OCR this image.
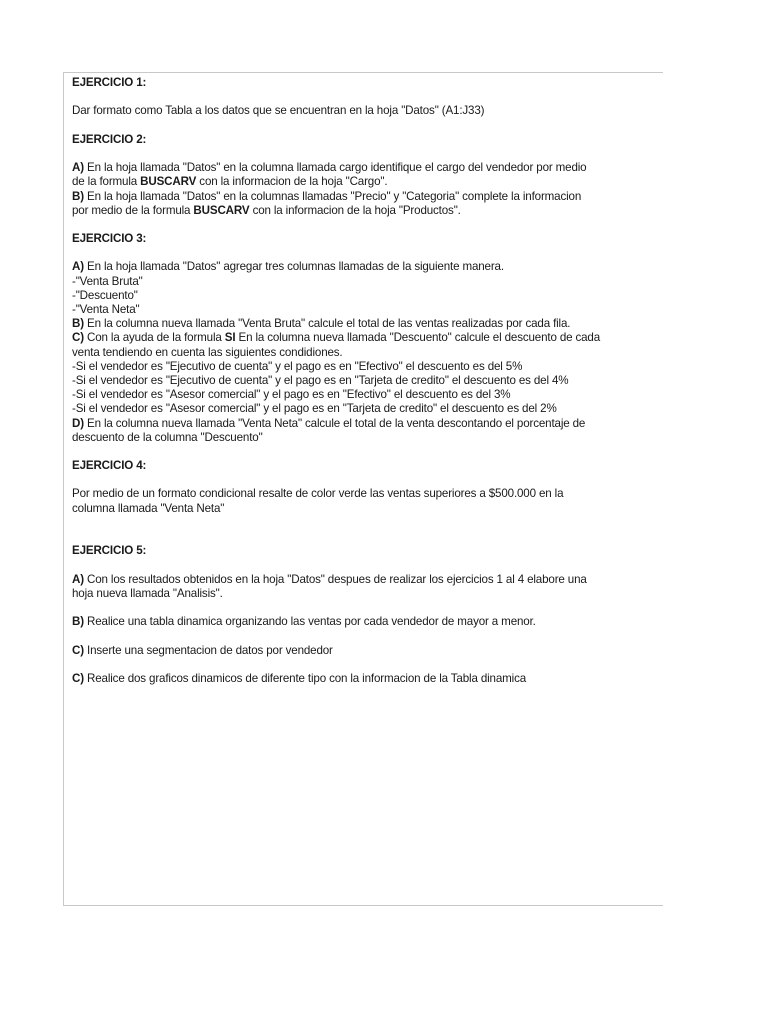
EJERCICIO 1:
Dar formato como Tabla a los datos que se encuentran en la hoja "Datos" (A1:J33)
EJERCICIO 2:
A) En la hoja llamada "Datos" en la columna llamada cargo identifique el cargo del vendedor por medio
de la formula BUSCARV con la informacion de la hoja "Cargo".
B) En la hoja llamada "Datos" en la columnas llamadas "Precio" y "Categoria" complete la informacion
por medio de la formula BUSCARV con la informacion de la hoja "Productos".
EJERCICIO 3:
A) En la hoja llamada "Datos" agregar tres columnas llamadas de la siguiente manera.
-"Venta Bruta"
-"Descuento"
-"Venta Neta"
B) En la columna nueva llamada "Venta Bruta" calcule el total de las ventas realizadas por cada fila.
C) Con la ayuda de la formula SI En la columna nueva llamada "Descuento" calcule el descuento de cada
venta tendiendo en cuenta las siguientes condidiones.
-Si el vendedor es "Ejecutivo de cuenta" y el pago es en "Efectivo" el descuento es del 5%
-Si el vendedor es "Ejecutivo de cuenta" y el pago es en "Tarjeta de credito" el descuento es del 4%
-Si el vendedor es "Asesor comercial" y el pago es en "Efectivo" el descuento es del 3%
-Si el vendedor es "Asesor comercial" y el pago es en "Tarjeta de credito" el descuento es del 2%
D) En la columna nueva llamada "Venta Neta" calcule el total de la venta descontando el porcentaje de
descuento de la columna "Descuento"
EJERCICIO 4:
Por medio de un formato condicional resalte de color verde las ventas superiores a $500.000 en la
columna llamada "Venta Neta"
EJERCICIO 5:
A) Con los resultados obtenidos en la hoja "Datos" despues de realizar los ejercicios 1 al 4 elabore una
hoja nueva llamada "Analisis".
B) Realice una tabla dinamica organizando las ventas por cada vendedor de mayor a menor.
C) Inserte una segmentacion de datos por vendedor
C) Realice dos graficos dinamicos de diferente tipo con la informacion de la Tabla dinamica
